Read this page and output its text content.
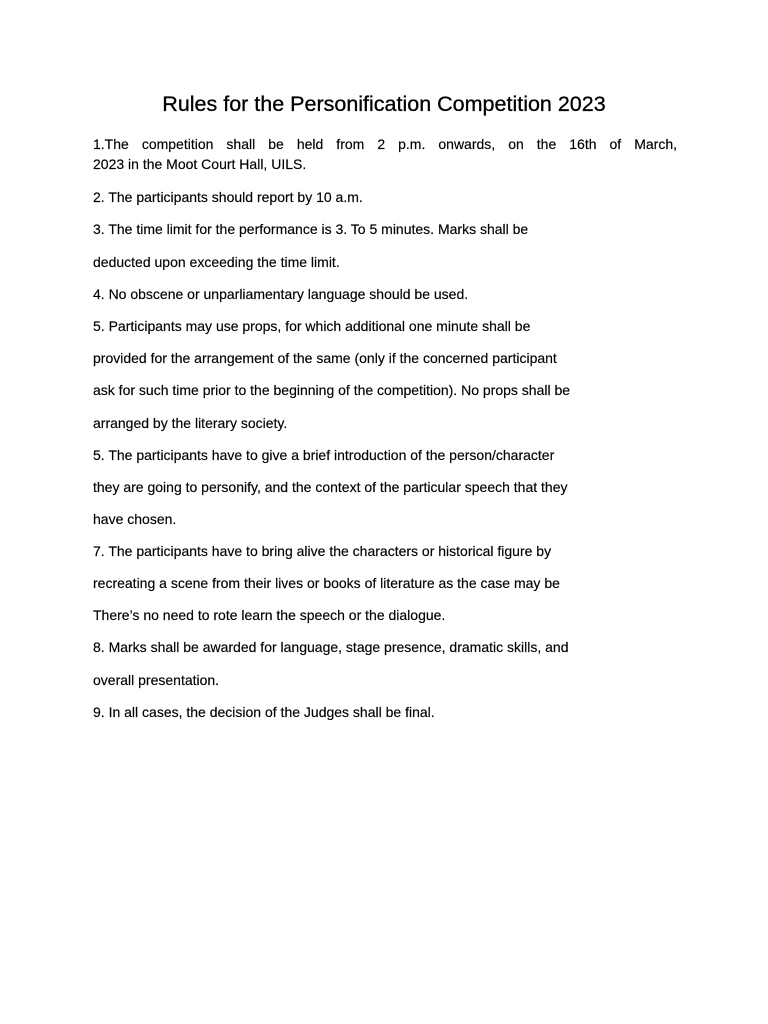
Rules for the Personification Competition 2023
1.The competition shall be held from 2 p.m. onwards, on the 16th of March,
2023 in the Moot Court Hall, UILS.
2. The participants should report by 10 a.m.
3. The time limit for the performance is 3. To 5 minutes. Marks shall be
deducted upon exceeding the time limit.
4. No obscene or unparliamentary language should be used.
5. Participants may use props, for which additional one minute shall be
provided for the arrangement of the same (only if the concerned participant
ask for such time prior to the beginning of the competition). No props shall be
arranged by the literary society.
5. The participants have to give a brief introduction of the person/character
they are going to personify, and the context of the particular speech that they
have chosen.
7. The participants have to bring alive the characters or historical figure by
recreating a scene from their lives or books of literature as the case may be
There’s no need to rote learn the speech or the dialogue.
8. Marks shall be awarded for language, stage presence, dramatic skills, and
overall presentation.
9. In all cases, the decision of the Judges shall be final.
